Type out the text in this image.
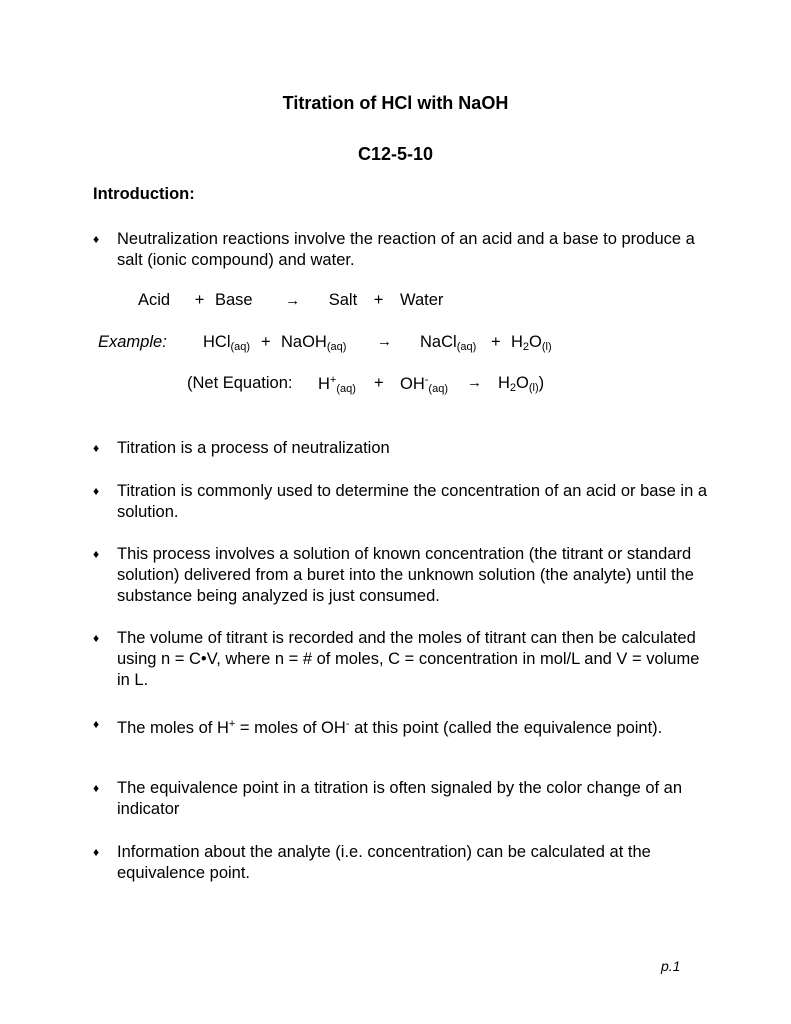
Titration of HCl with NaOH
C12-5-10
Introduction:
♦ Neutralization reactions involve the reaction of an acid and a base to produce a salt (ionic compound) and water.
Acid + Base → Salt + Water
Example: HCl$_{(aq)}$ + NaOH$_{(aq)}$ → NaCl$_{(aq)}$ + $H_2O_{(l)}$
(Net Equation: $H^+_{(aq)} + OH^-_{(aq)} \to H_2O_{(l)}$)
♦ Titration is a process of neutralization
♦ Titration is commonly used to determine the concentration of an acid or base in a solution.
♦ This process involves a solution of known concentration (the titrant or standard solution) delivered from a buret into the unknown solution (the analyte) until the substance being analyzed is just consumed.
♦ The volume of titrant is recorded and the moles of titrant can then be calculated using n = C•V, where n = # of moles, C = concentration in mol/L and V = volume in L.
♦ The moles of H+ = moles of OH- at this point (called the equivalence point).
♦ The equivalence point in a titration is often signaled by the color change of an indicator
♦ Information about the analyte (i.e. concentration) can be calculated at the equivalence point.
p.1
